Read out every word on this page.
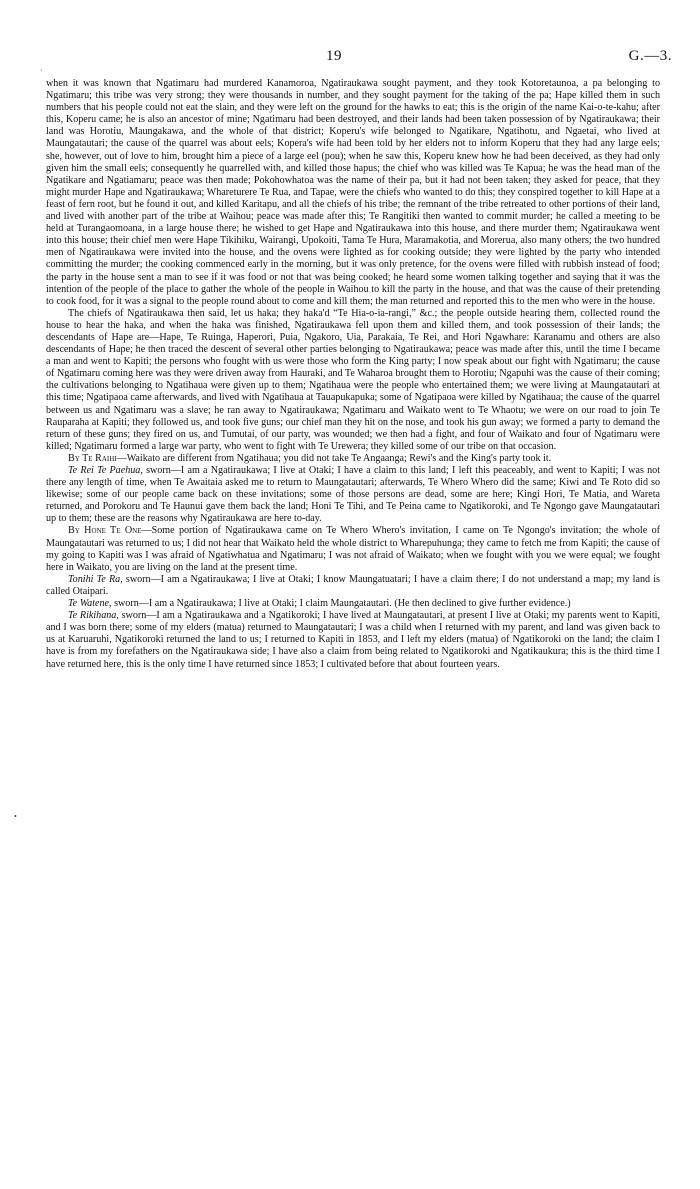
19	G.—3.
·
•

when it was known that Ngatimaru had murdered Kanamoroa, Ngatiraukawa sought payment, and they took Kotoretaunoa, a pa belonging to Ngatimaru; this tribe was very strong; they were thousands in number, and they sought payment for the taking of the pa; Hape killed them in such numbers that his people could not eat the slain, and they were left on the ground for the hawks to eat; this is the origin of the name Kai-o-te-kahu; after this, Koperu came; he is also an ancestor of mine; Ngatimaru had been destroyed, and their lands had been taken possession of by Ngatiraukawa; their land was Horotiu, Maungakawa, and the whole of that district; Koperu's wife belonged to Ngatikare, Ngatihotu, and Ngaetai, who lived at Maungatautari; the cause of the quarrel was about eels; Kopera's wife had been told by her elders not to inform Koperu that they had any large eels; she, however, out of love to him, brought him a piece of a large eel (pou); when he saw this, Koperu knew how he had been deceived, as they had only given him the small eels; consequently he quarrelled with, and killed those hapus; the chief who was killed was Te Kapua; he was the head man of the Ngatikare and Ngatiamaru; peace was then made; Pokohowhatoa was the name of their pa, but it had not been taken; they asked for peace, that they might murder Hape and Ngatiraukawa; Whareturere Te Rua, and Tapae, were the chiefs who wanted to do this; they conspired together to kill Hape at a feast of fern root, but he found it out, and killed Karitapu, and all the chiefs of his tribe; the remnant of the tribe retreated to other portions of their land, and lived with another part of the tribe at Waihou; peace was made after this; Te Rangitiki then wanted to commit murder; he called a meeting to be held at Turangaomoana, in a large house there; he wished to get Hape and Ngatiraukawa into this house, and there murder them; Ngatiraukawa went into this house; their chief men were Hape Tikihiku, Wairangi, Upokoiti, Tama Te Hura, Maramakotia, and Morerua, also many others; the two hundred men of Ngatiraukawa were invited into the house, and the ovens were lighted as for cooking outside; they were lighted by the party who intended committing the murder; the cooking commenced early in the morning, but it was only pretence, for the ovens were filled with rubbish instead of food; the party in the house sent a man to see if it was food or not that was being cooked; he heard some women talking together and saying that it was the intention of the people of the place to gather the whole of the people in Waihou to kill the party in the house, and that was the cause of their pretending to cook food, for it was a signal to the people round about to come and kill them; the man returned and reported this to the men who were in the house.

The chiefs of Ngatiraukawa then said, let us haka; they haka'd “Te Hia-o-ia-rangi,” &c.; the people outside hearing them, collected round the house to hear the haka, and when the haka was finished, Ngatiraukawa fell upon them and killed them, and took possession of their lands; the descendants of Hape are—Hape, Te Ruinga, Haperori, Puia, Ngakoro, Uia, Parakaia, Te Rei, and Hori Ngawhare: Karanamu and others are also descendants of Hape; he then traced the descent of several other parties belonging to Ngatiraukawa; peace was made after this, until the time I became a man and went to Kapiti; the persons who fought with us were those who form the King party; I now speak about our fight with Ngatimaru; the cause of Ngatimaru coming here was they were driven away from Hauraki, and Te Waharoa brought them to Horotiu; Ngapuhi was the cause of their coming; the cultivations belonging to Ngatihaua were given up to them; Ngatihaua were the people who entertained them; we were living at Maungatautari at this time; Ngatipaoa came afterwards, and lived with Ngatihaua at Tauapukapuka; some of Ngatipaoa were killed by Ngatihaua; the cause of the quarrel between us and Ngatimaru was a slave; he ran away to Ngatiraukawa; Ngatimaru and Waikato went to Te Whaotu; we were on our road to join Te Rauparaha at Kapiti; they followed us, and took five guns; our chief man they hit on the nose, and took his gun away; we formed a party to demand the return of these guns; they fired on us, and Tumutai, of our party, was wounded; we then had a fight, and four of Waikato and four of Ngatimaru were killed; Ngatimaru formed a large war party, who went to fight with Te Urewera; they killed some of our tribe on that occasion.

By Te Raihi—Waikato are different from Ngatihaua; you did not take Te Angaanga; Rewi's and the King's party took it.

Te Rei Te Paehua, sworn—I am a Ngatiraukawa; I live at Otaki; I have a claim to this land; I left this peaceably, and went to Kapiti; I was not there any length of time, when Te Awaitaia asked me to return to Maungatautari; afterwards, Te Whero Whero did the same; Kiwi and Te Roto did so likewise; some of our people came back on these invitations; some of those persons are dead, some are here; Kingi Hori, Te Matia, and Wareta returned, and Porokoru and Te Haunui gave them back the land; Honi Te Tihi, and Te Peina came to Ngatikoroki, and Te Ngongo gave Maungatautari up to them; these are the reasons why Ngatiraukawa are here to-day.

By Hone Te One—Some portion of Ngatiraukawa came on Te Whero Whero's invitation, I came on Te Ngongo's invitation; the whole of Maungatautari was returned to us; I did not hear that Waikato held the whole district to Wharepuhunga; they came to fetch me from Kapiti; the cause of my going to Kapiti was I was afraid of Ngatiwhatua and Ngatimaru; I was not afraid of Waikato; when we fought with you we were equal; we fought here in Waikato, you are living on the land at the present time.

Tonihi Te Ra, sworn—I am a Ngatiraukawa; I live at Otaki; I know Maungatuatari; I have a claim there; I do not understand a map; my land is called Otaipari.

Te Watene, sworn—I am a Ngatiraukawa; I live at Otaki; I claim Maungatautari. (He then declined to give further evidence.)

Te Rikihana, sworn—I am a Ngatiraukawa and a Ngatikoroki; I have lived at Maungatautari, at present I live at Otaki; my parents went to Kapiti, and I was born there; some of my elders (matua) returned to Maungatautari; I was a child when I returned with my parent, and land was given back to us at Karuaruhi, Ngatikoroki returned the land to us; I returned to Kapiti in 1853, and I left my elders (matua) of Ngatikoroki on the land; the claim I have is from my forefathers on the Ngatiraukawa side; I have also a claim from being related to Ngatikoroki and Ngatikaukura; this is the third time I have returned here, this is the only time I have returned since 1853; I cultivated before that about fourteen years.
